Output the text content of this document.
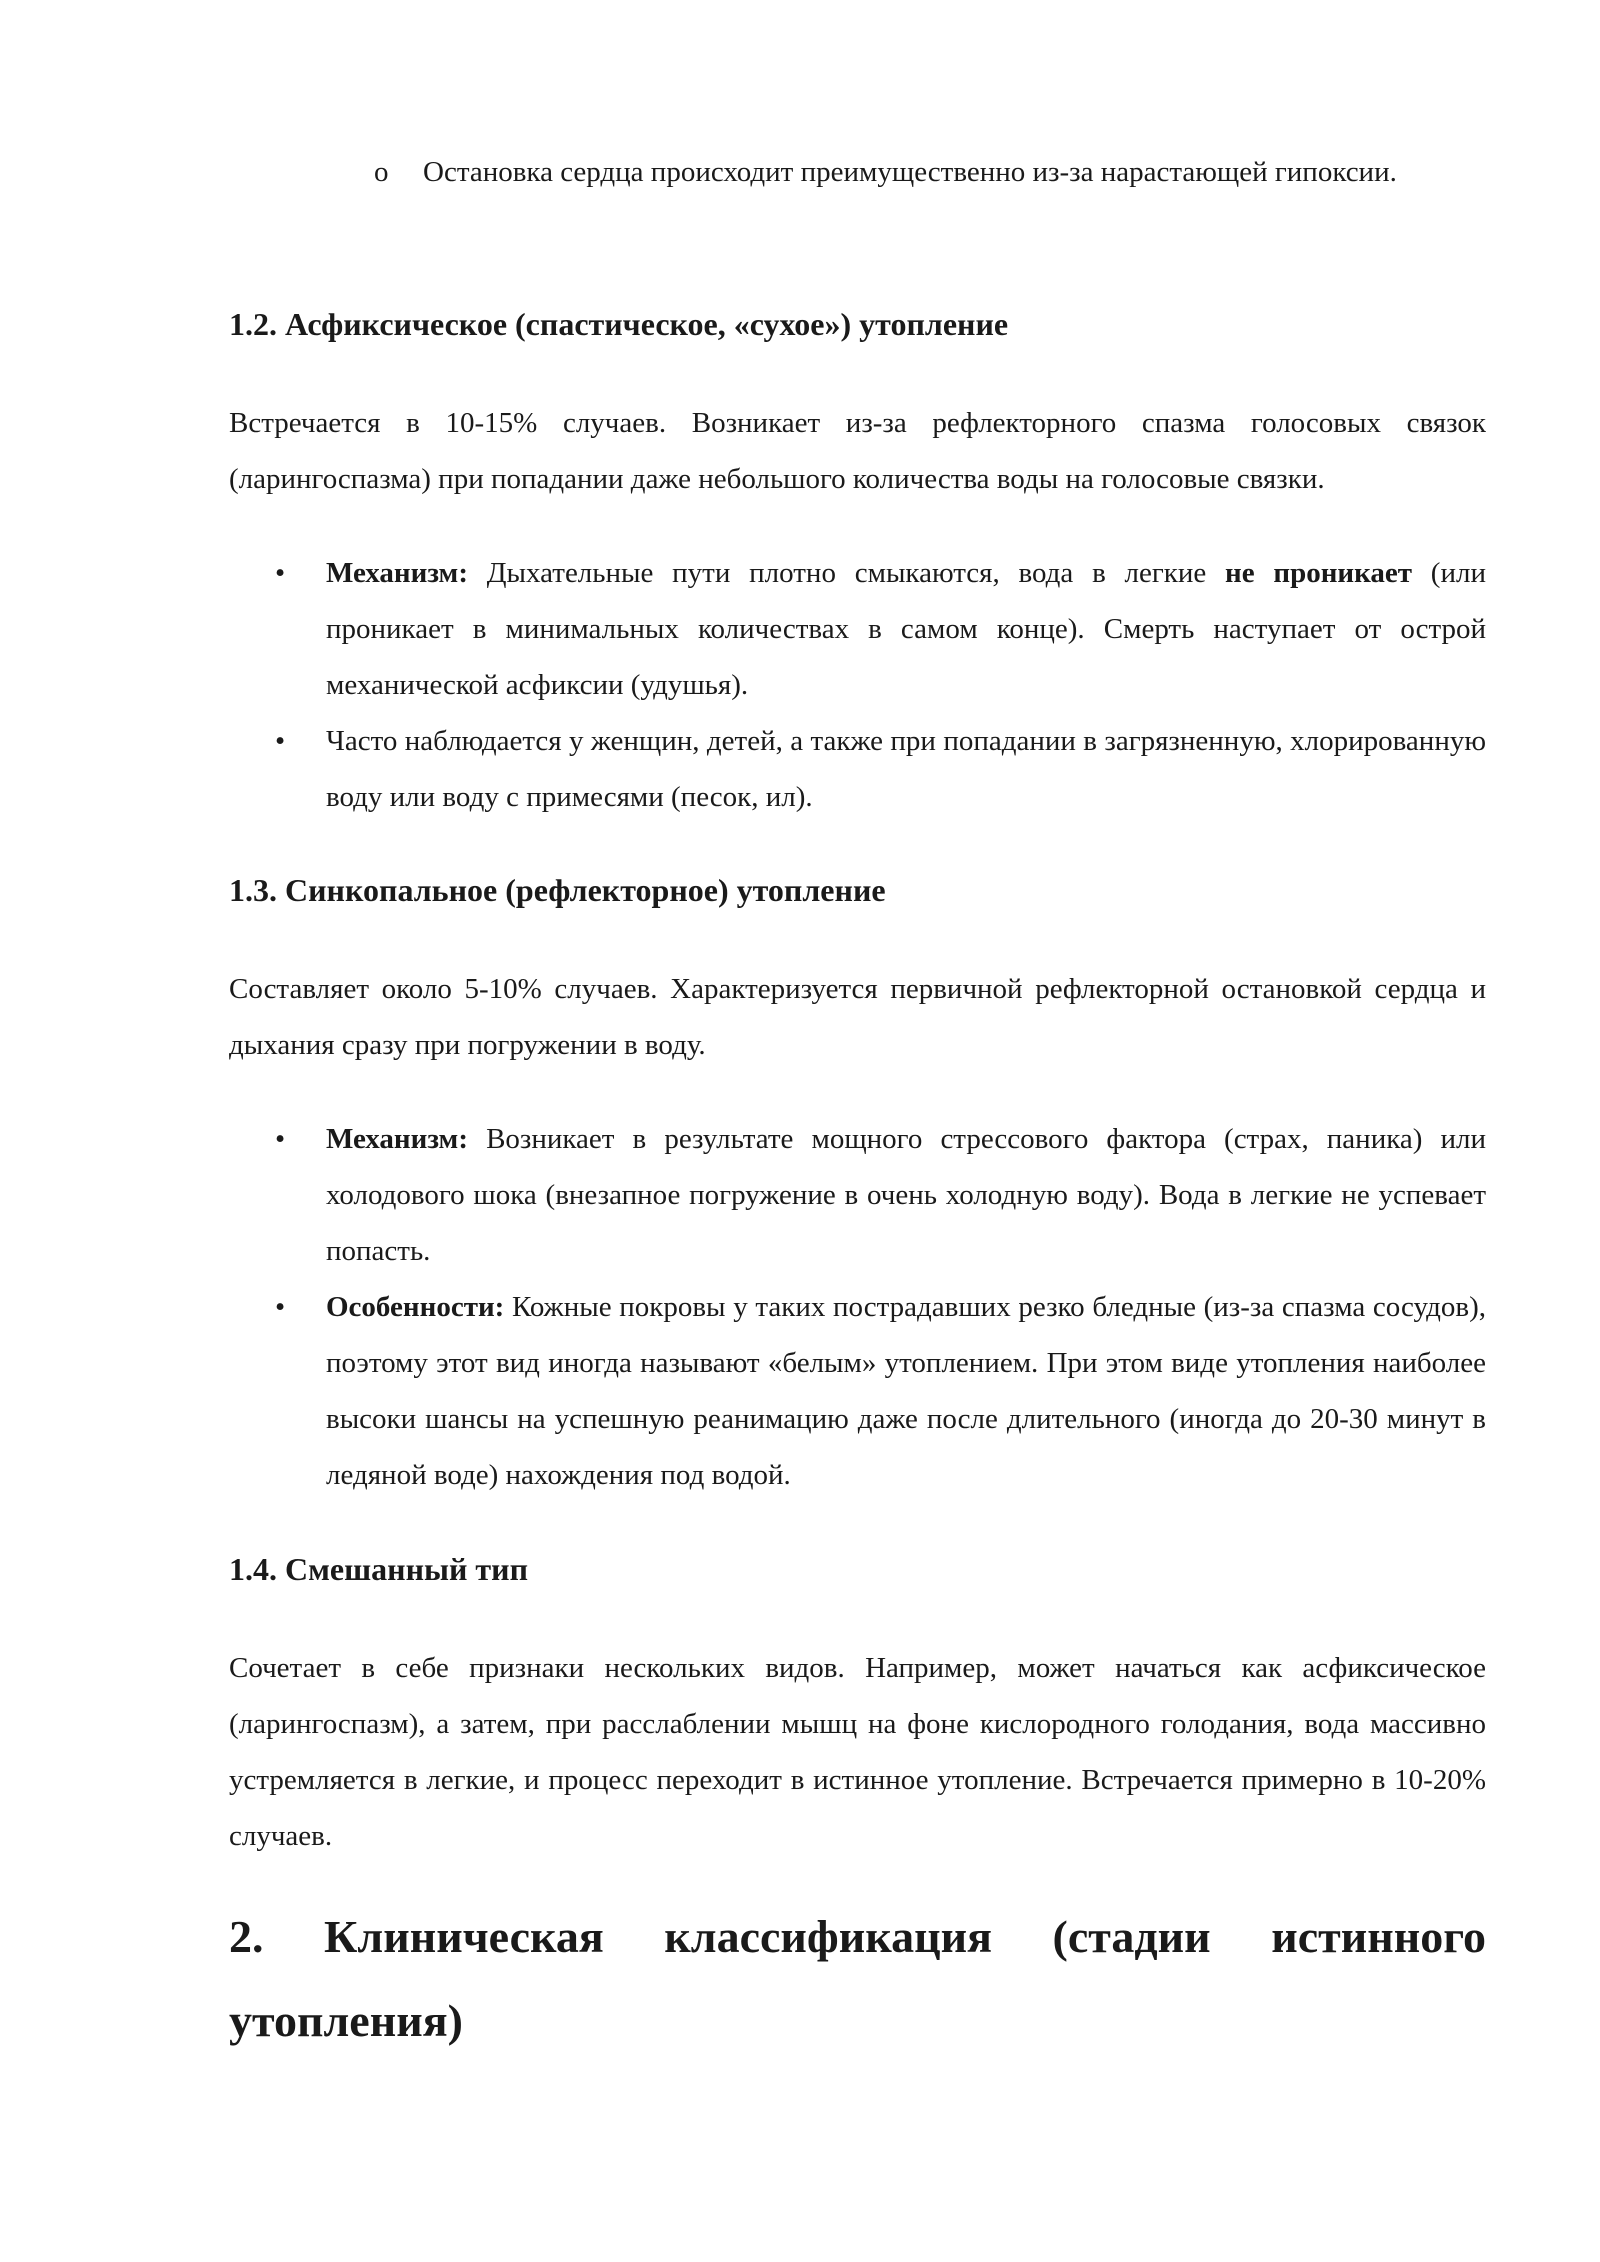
o Остановка сердца происходит преимущественно из-за нарастающей гипоксии.

1.2. Асфиксическое (спастическое, «сухое») утопление

Встречается в 10-15% случаев. Возникает из-за рефлекторного спазма голосовых связок (ларингоспазма) при попадании даже небольшого количества воды на голосовые связки.

• Механизм: Дыхательные пути плотно смыкаются, вода в легкие не проникает (или проникает в минимальных количествах в самом конце). Смерть наступает от острой механической асфиксии (удушья).

• Часто наблюдается у женщин, детей, а также при попадании в загрязненную, хлорированную воду или воду с примесями (песок, ил).

1.3. Синкопальное (рефлекторное) утопление

Составляет около 5-10% случаев. Характеризуется первичной рефлекторной остановкой сердца и дыхания сразу при погружении в воду.

• Механизм: Возникает в результате мощного стрессового фактора (страх, паника) или холодового шока (внезапное погружение в очень холодную воду). Вода в легкие не успевает попасть.

• Особенности: Кожные покровы у таких пострадавших резко бледные (из-за спазма сосудов), поэтому этот вид иногда называют «белым» утоплением. При этом виде утопления наиболее высоки шансы на успешную реанимацию даже после длительного (иногда до 20-30 минут в ледяной воде) нахождения под водой.

1.4. Смешанный тип

Сочетает в себе признаки нескольких видов. Например, может начаться как асфиксическое (ларингоспазм), а затем, при расслаблении мышц на фоне кислородного голодания, вода массивно устремляется в легкие, и процесс переходит в истинное утопление. Встречается примерно в 10-20% случаев.

2. Клиническая классификация (стадии истинного
утопления)
